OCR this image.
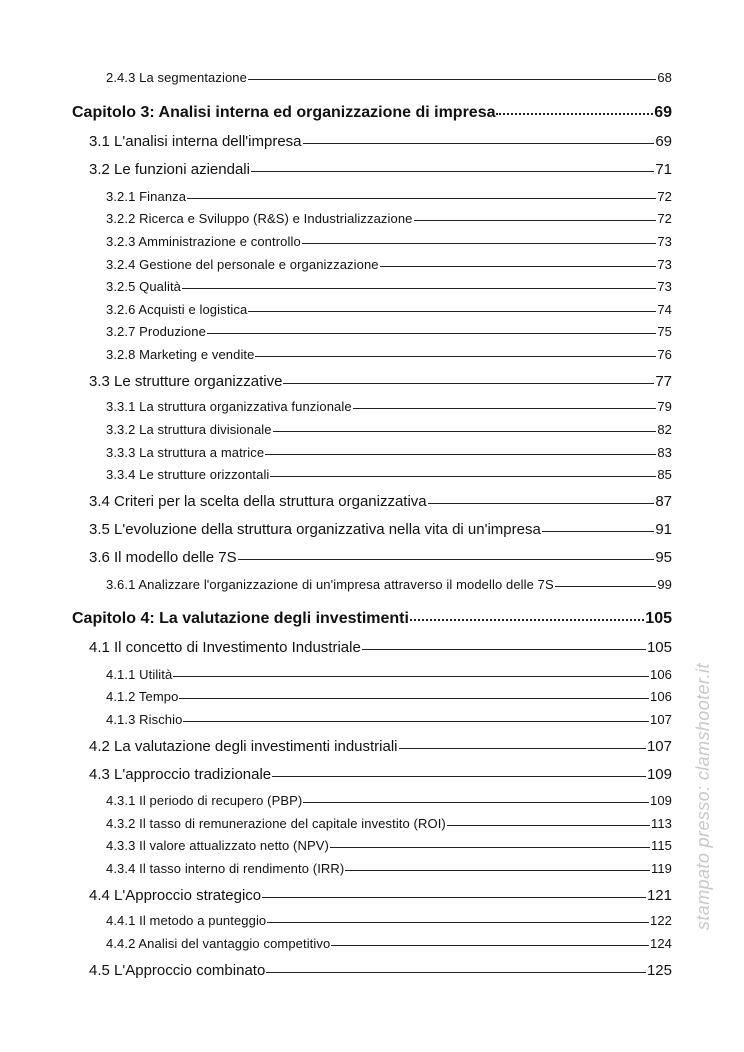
2.4.3 La segmentazione	68
Capitolo 3: Analisi interna ed organizzazione di impresa	69
3.1 L'analisi interna dell'impresa	69
3.2 Le funzioni aziendali	71
3.2.1 Finanza	72
3.2.2 Ricerca e Sviluppo (R&S) e Industrializzazione	72
3.2.3 Amministrazione e controllo	73
3.2.4 Gestione del personale e organizzazione	73
3.2.5 Qualità	73
3.2.6 Acquisti e logistica	74
3.2.7 Produzione	75
3.2.8 Marketing e vendite	76
3.3 Le strutture organizzative	77
3.3.1 La struttura organizzativa funzionale	79
3.3.2 La struttura divisionale	82
3.3.3 La struttura a matrice	83
3.3.4 Le strutture orizzontali	85
3.4 Criteri per la scelta della struttura organizzativa	87
3.5 L'evoluzione della struttura organizzativa nella vita di un'impresa	91
3.6 Il modello delle 7S	95
3.6.1 Analizzare l'organizzazione di un'impresa attraverso il modello delle 7S	99
Capitolo 4: La valutazione degli investimenti	105
4.1 Il concetto di Investimento Industriale	105
4.1.1 Utilità	106
4.1.2 Tempo	106
4.1.3 Rischio	107
4.2 La valutazione degli investimenti industriali	107
4.3 L'approccio tradizionale	109
4.3.1 Il periodo di recupero (PBP)	109
4.3.2 Il tasso di remunerazione del capitale investito (ROI)	113
4.3.3 Il valore attualizzato netto (NPV)	115
4.3.4 Il tasso interno di rendimento (IRR)	119
4.4 L'Approccio strategico	121
4.4.1 Il metodo a punteggio	122
4.4.2 Analisi del vantaggio competitivo	124
4.5 L'Approccio combinato	125
stampato presso: clamshooter.it
